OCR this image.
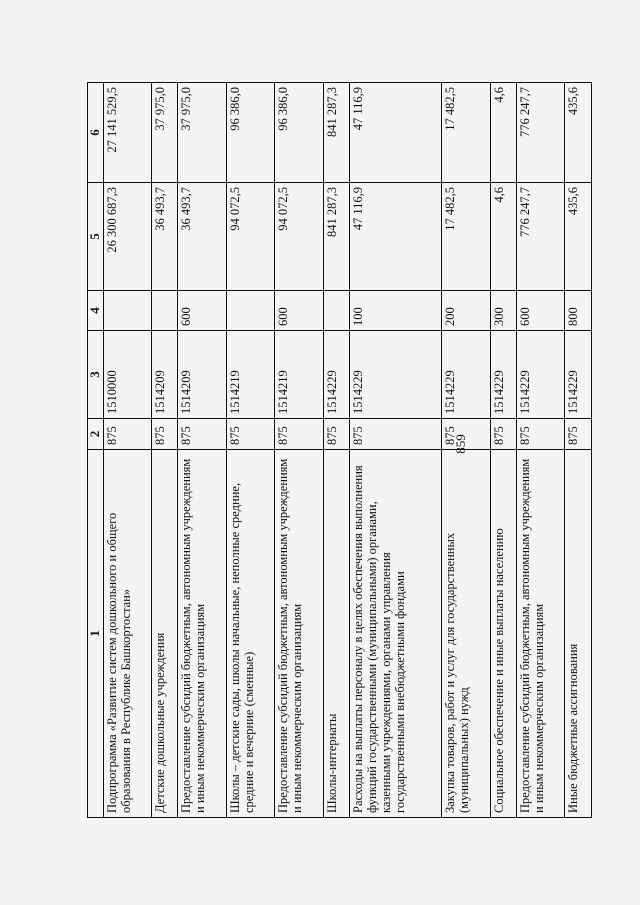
859
1	2	3	4	5	6
Подпрограмма «Развитие систем дошкольного и общего образования в Республике Башкортостан»	875	1510000		26 300 687,3	27 141 529,5
Детские дошкольные учреждения	875	1514209		36 493,7	37 975,0
Предоставление субсидий бюджетным, автономным учреждениям и иным некоммерческим организациям	875	1514209	600	36 493,7	37 975,0
Школы – детские сады, школы начальные, неполные средние, средние и вечерние (сменные)	875	1514219		94 072,5	96 386,0
Предоставление субсидий бюджетным, автономным учреждениям и иным некоммерческим организациям	875	1514219	600	94 072,5	96 386,0
Школы-интернаты	875	1514229		841 287,3	841 287,3
Расходы на выплаты персоналу в целях обеспечения выполнения функций государственными (муниципальными) органами, казенными учреждениями, органами управления государственными внебюджетными фондами	875	1514229	100	47 116,9	47 116,9
Закупка товаров, работ и услуг для государственных (муниципальных) нужд	875	1514229	200	17 482,5	17 482,5
Социальное обеспечение и иные выплаты населению	875	1514229	300	4,6	4,6
Предоставление субсидий бюджетным, автономным учреждениям и иным некоммерческим организациям	875	1514229	600	776 247,7	776 247,7
Иные бюджетные ассигнования	875	1514229	800	435,6	435,6
